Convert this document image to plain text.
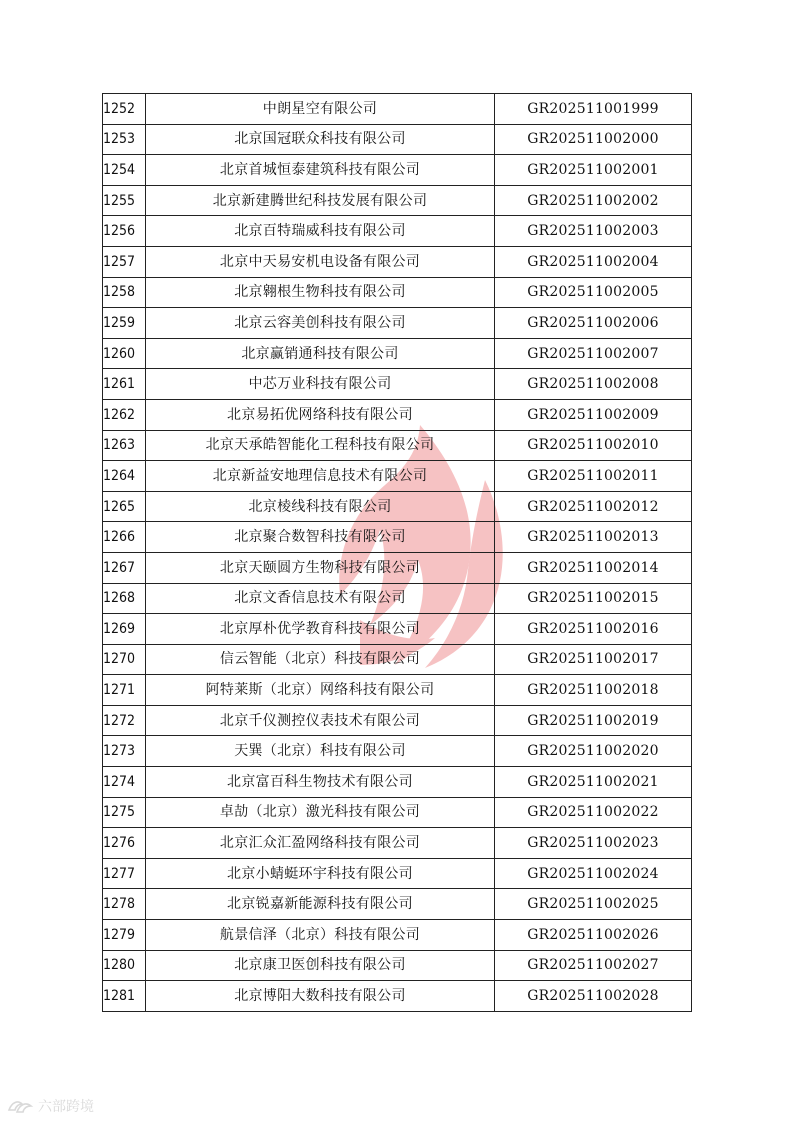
1252	中朗星空有限公司	GR202511001999
1253	北京国冠联众科技有限公司	GR202511002000
1254	北京首城恒泰建筑科技有限公司	GR202511002001
1255	北京新建腾世纪科技发展有限公司	GR202511002002
1256	北京百特瑞威科技有限公司	GR202511002003
1257	北京中天易安机电设备有限公司	GR202511002004
1258	北京翱根生物科技有限公司	GR202511002005
1259	北京云容美创科技有限公司	GR202511002006
1260	北京赢销通科技有限公司	GR202511002007
1261	中芯万业科技有限公司	GR202511002008
1262	北京易拓优网络科技有限公司	GR202511002009
1263	北京天承皓智能化工程科技有限公司	GR202511002010
1264	北京新益安地理信息技术有限公司	GR202511002011
1265	北京棱线科技有限公司	GR202511002012
1266	北京聚合数智科技有限公司	GR202511002013
1267	北京天颐圆方生物科技有限公司	GR202511002014
1268	北京文香信息技术有限公司	GR202511002015
1269	北京厚朴优学教育科技有限公司	GR202511002016
1270	信云智能（北京）科技有限公司	GR202511002017
1271	阿特莱斯（北京）网络科技有限公司	GR202511002018
1272	北京千仪测控仪表技术有限公司	GR202511002019
1273	天巽（北京）科技有限公司	GR202511002020
1274	北京富百科生物技术有限公司	GR202511002021
1275	卓劼（北京）激光科技有限公司	GR202511002022
1276	北京汇众汇盈网络科技有限公司	GR202511002023
1277	北京小蜻蜓环宇科技有限公司	GR202511002024
1278	北京锐嘉新能源科技有限公司	GR202511002025
1279	航景信泽（北京）科技有限公司	GR202511002026
1280	北京康卫医创科技有限公司	GR202511002027
1281	北京博阳大数科技有限公司	GR202511002028
六部跨境
